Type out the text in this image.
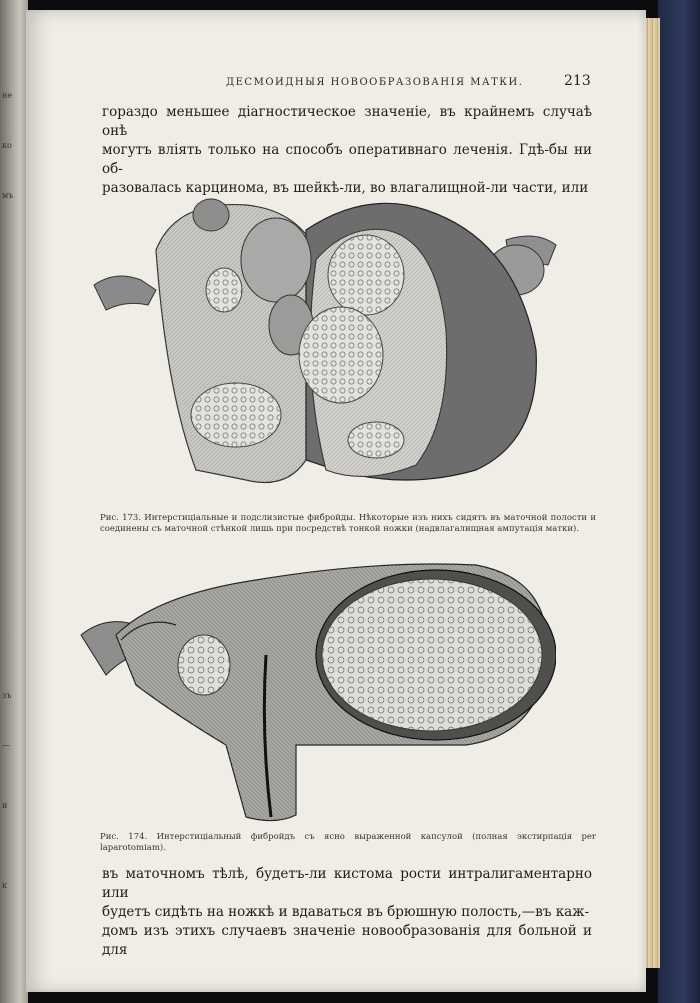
не
ко
мъ
зъ
—
и
к
ДЕСМОИДНЫЯ НОВООБРАЗОВАНІЯ МАТКИ.	213

гораздо меньшее діагностическое значеніе, въ крайнемъ случаѣ онѣ

могутъ вліять только на способъ оперативнаго леченія. Гдѣ-бы ни об-

разовалась карцинома, въ шейкѣ-ли, во влагалищной-ли части, или

Рис. 173. Интерстиціальные и подслизистые фибройды. Нѣкоторые изъ нихъ сидятъ въ маточной полости и соединены съ маточной стѣнкой лишь при посредствѣ тонкой ножки (надвлагалищная ампутація матки).
Рис. 174. Интерстиціальный фибройдъ съ ясно выраженной капсулой (полная экстирпація per laparotomiam).

въ маточномъ тѣлѣ, будетъ-ли кистома рости интралигаментарно или

будетъ сидѣть на ножкѣ и вдаваться въ брюшную полость,—въ каж-

домъ изъ этихъ случаевъ значеніе новообразованія для больной и для
